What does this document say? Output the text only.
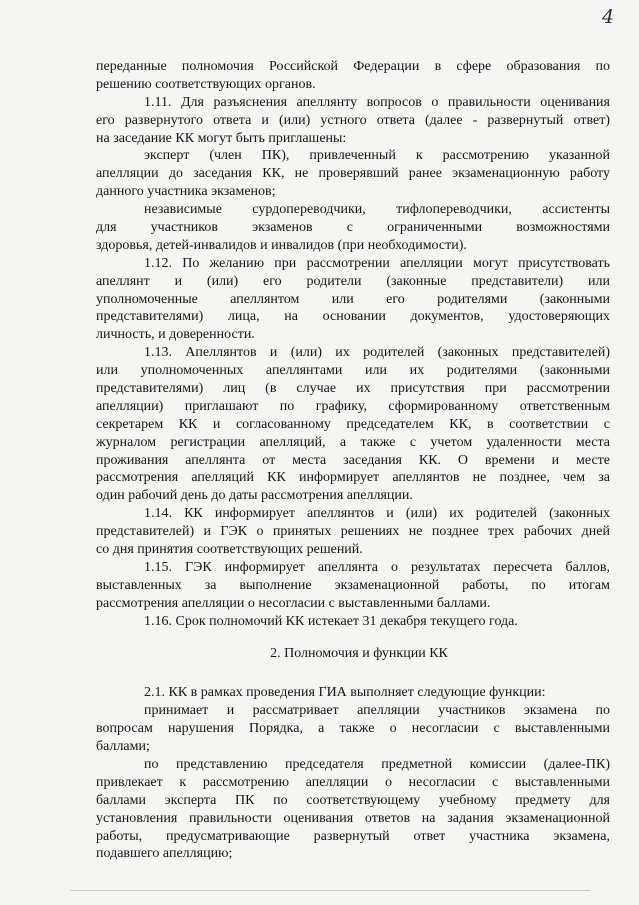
4
переданные полномочия Российской Федерации в сфере образования по
решению соответствующих органов.
1.11. Для разъяснения апеллянту вопросов о правильности оценивания
его развернутого ответа и (или) устного ответа (далее - развернутый ответ)
на заседание КК могут быть приглашены:
эксперт (член ПК), привлеченный к рассмотрению указанной
апелляции до заседания КК, не проверявший ранее экзаменационную работу
данного участника экзаменов;
независимые сурдопереводчики, тифлопереводчики, ассистенты
для участников экзаменов с ограниченными возможностями
здоровья, детей-инвалидов и инвалидов (при необходимости).
1.12. По желанию при рассмотрении апелляции могут присутствовать
апеллянт и (или) его родители (законные представители) или
уполномоченные апеллянтом или его родителями (законными
представителями) лица, на основании документов, удостоверяющих
личность, и доверенности.
1.13. Апеллянтов и (или) их родителей (законных представителей)
или уполномоченных апеллянтами или их родителями (законными
представителями) лиц (в случае их присутствия при рассмотрении
апелляции) приглашают по графику, сформированному ответственным
секретарем КК и согласованному председателем КК, в соответствии с
журналом регистрации апелляций, а также с учетом удаленности места
проживания апеллянта от места заседания КК. О времени и месте
рассмотрения апелляций КК информирует апеллянтов не позднее, чем за
один рабочий день до даты рассмотрения апелляции.
1.14. КК информирует апеллянтов и (или) их родителей (законных
представителей) и ГЭК о принятых решениях не позднее трех рабочих дней
со дня принятия соответствующих решений.
1.15. ГЭК информирует апеллянта о результатах пересчета баллов,
выставленных за выполнение экзаменационной работы, по итогам
рассмотрения апелляции о несогласии с выставленными баллами.
1.16. Срок полномочий КК истекает 31 декабря текущего года.
2. Полномочия и функции КК
2.1. КК в рамках проведения ГИА выполняет следующие функции:
принимает и рассматривает апелляции участников экзамена по
вопросам нарушения Порядка, а также о несогласии с выставленными
баллами;
по представлению председателя предметной комиссии (далее-ПК)
привлекает к рассмотрению апелляции о несогласии с выставленными
баллами эксперта ПК по соответствующему учебному предмету для
установления правильности оценивания ответов на задания экзаменационной
работы, предусматривающие развернутый ответ участника экзамена,
подавшего апелляцию;
